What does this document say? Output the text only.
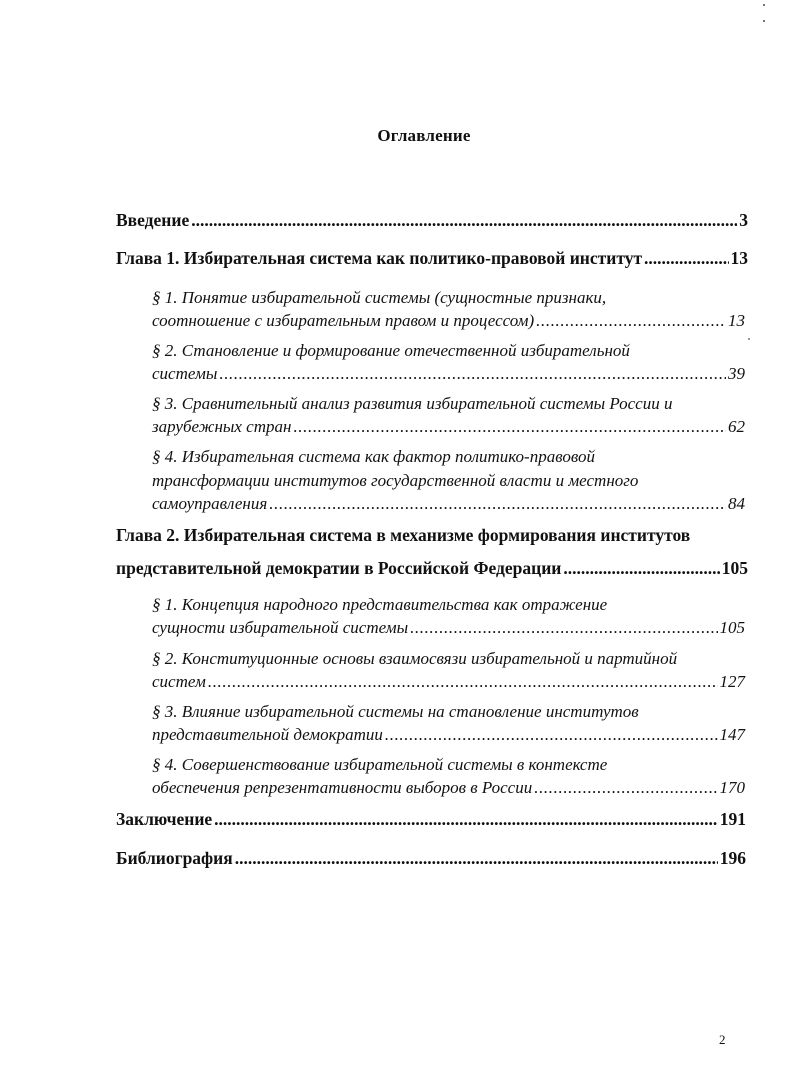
Оглавление
Введение .....	3
Глава 1. Избирательная система как политико-правовой институт .....	13
§ 1. Понятие избирательной системы (сущностные признаки,
соотношение с избирательным правом и процессом) .....	13
§ 2. Становление и формирование отечественной избирательной
системы .....	39
§ 3. Сравнительный анализ развития избирательной системы России и
зарубежных стран .....	62
§ 4. Избирательная система как фактор политико-правовой
трансформации институтов государственной власти и местного
самоуправления .....	84
Глава 2. Избирательная система в механизме формирования институтов
представительной демократии в Российской Федерации .....	105
§ 1. Концепция народного представительства как отражение
сущности избирательной системы .....	105
§ 2. Конституционные основы взаимосвязи избирательной и партийной
систем .....	127
§ 3. Влияние избирательной системы на становление институтов
представительной демократии .....	147
§ 4. Совершенствование избирательной системы в контексте
обеспечения репрезентативности выборов в России .....	170
Заключение .....	191
Библиография .....	196
2
